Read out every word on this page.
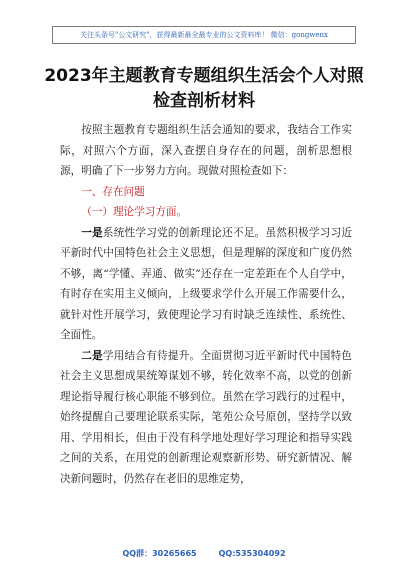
关注头条号"公文研究"，获得最新最全最专业的公文资料库！ 微信：gongwenx
2023年主题教育专题组织生活会个人对照检查剖析材料

按照主题教育专题组织生活会通知的要求，我结合工作实际，对照六个方面，深入查摆自身存在的问题，剖析思想根源，明确了下一步努力方向。现做对照检查如下：

一、存在问题

（一）理论学习方面。

一是系统性学习党的创新理论还不足。虽然积极学习习近平新时代中国特色社会主义思想，但是理解的深度和广度仍然不够，离“学懂、弄通、做实”还存在一定差距在个人自学中，有时存在实用主义倾向，上级要求学什么开展工作需要什么，就针对性开展学习，致使理论学习有时缺乏连续性、系统性、全面性。

二是学用结合有待提升。全面贯彻习近平新时代中国特色社会主义思想成果统筹谋划不够，转化效率不高，以党的创新理论指导履行核心职能不够到位。虽然在学习践行的过程中，始终提醒自己要理论联系实际，笔苑公众号原创，坚持学以致用、学用相长，但由于没有科学地处理好学习理论和指导实践之间的关系，在用党的创新理论观察新形势、研究新情况、解决新问题时，仍然存在老旧的思维定势，

QQ群：30265665	QQ:535304092
